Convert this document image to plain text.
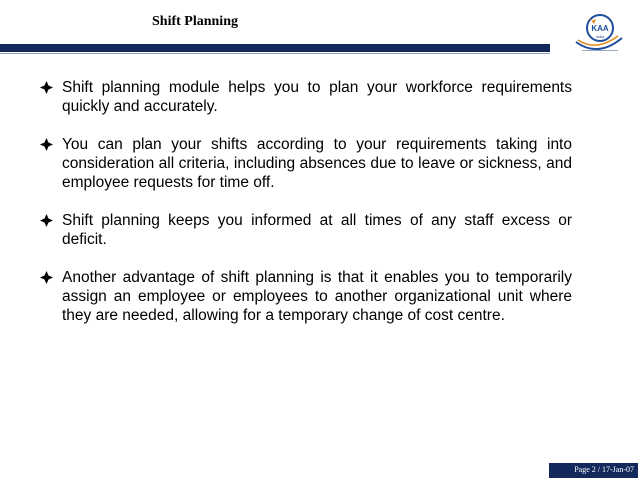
Shift Planning	KAA
India
Shift planning module helps you to plan your workforce requirements quickly and accurately.
You can plan your shifts according to your requirements taking into consideration all criteria, including absences due to leave or sickness, and employee requests for time off.
Shift planning keeps you informed at all times of any staff excess or deficit.
Another advantage of shift planning is that it enables you to temporarily assign an employee or employees to another organizational unit where they are needed, allowing for a temporary change of cost centre.
Page 2 / 17-Jan-07
